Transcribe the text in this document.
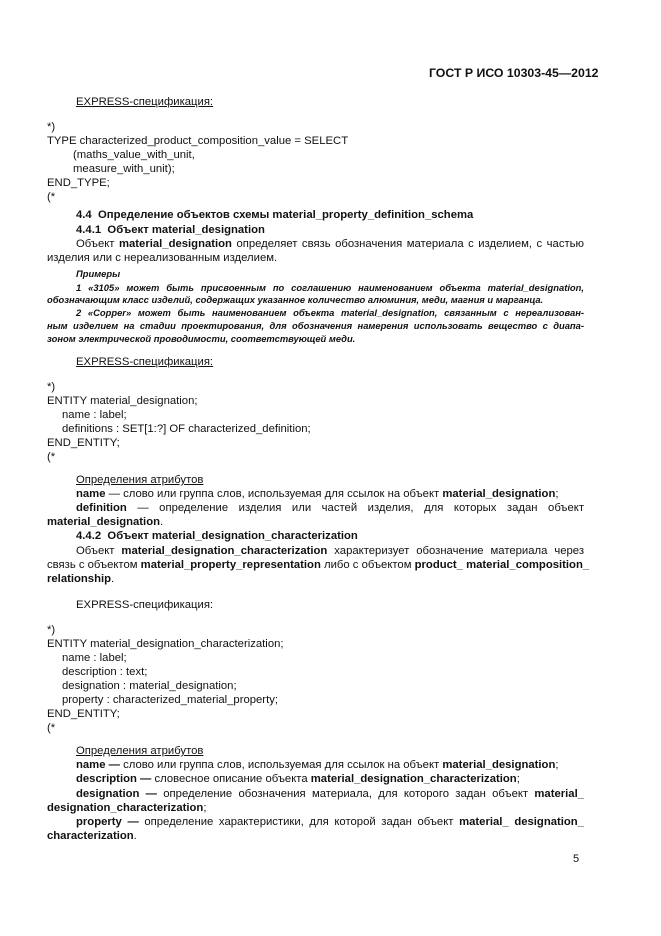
ГОСТ Р ИСО 10303-45—2012
EXPRESS-спецификация:
*)
TYPE characterized_product_composition_value = SELECT
(maths_value_with_unit,
measure_with_unit);
END_TYPE;
(*
4.4  Определение объектов схемы material_property_definition_schema
4.4.1 Объект material_designation
Объект material_designation определяет связь обозначения материала с изделием, с частью
изделия или с нереализованным изделием.
Примеры
1 «3105» может быть присвоенным по соглашению наименованием объекта material_designation,
обозначающим класс изделий, содержащих указанное количество алюминия, меди, магния и марганца.
2 «Copper» может быть наименованием объекта material_designation, связанным с нереализован-
ным изделием на стадии проектирования, для обозначения намерения использовать вещество с диапа-
зоном электрической проводимости, соответствующей меди.
EXPRESS-спецификация:
*)
ENTITY material_designation;
name : label;
definitions : SET[1:?] OF characterized_definition;
END_ENTITY;
(*
Определения атрибутов
name — слово или группа слов, используемая для ссылок на объект material_designation;
definition — определение изделия или частей изделия, для которых задан объект
material_designation.
4.4.2 Объект material_designation_characterization
Объект material_designation_characterization характеризует обозначение материала через
связь с объектом material_property_representation либо с объектом product_ material_composition_
relationship.
EXPRESS-спецификация:
*)
ENTITY material_designation_characterization;
name : label;
description : text;
designation : material_designation;
property : characterized_material_property;
END_ENTITY;
(*
Определения атрибутов
name — слово или группа слов, используемая для ссылок на объект material_designation;
description — словесное описание объекта material_designation_characterization;
designation — определение обозначения материала, для которого задан объект material_
designation_characterization;
property — определение характеристики, для которой задан объект material_ designation_
characterization.
5
